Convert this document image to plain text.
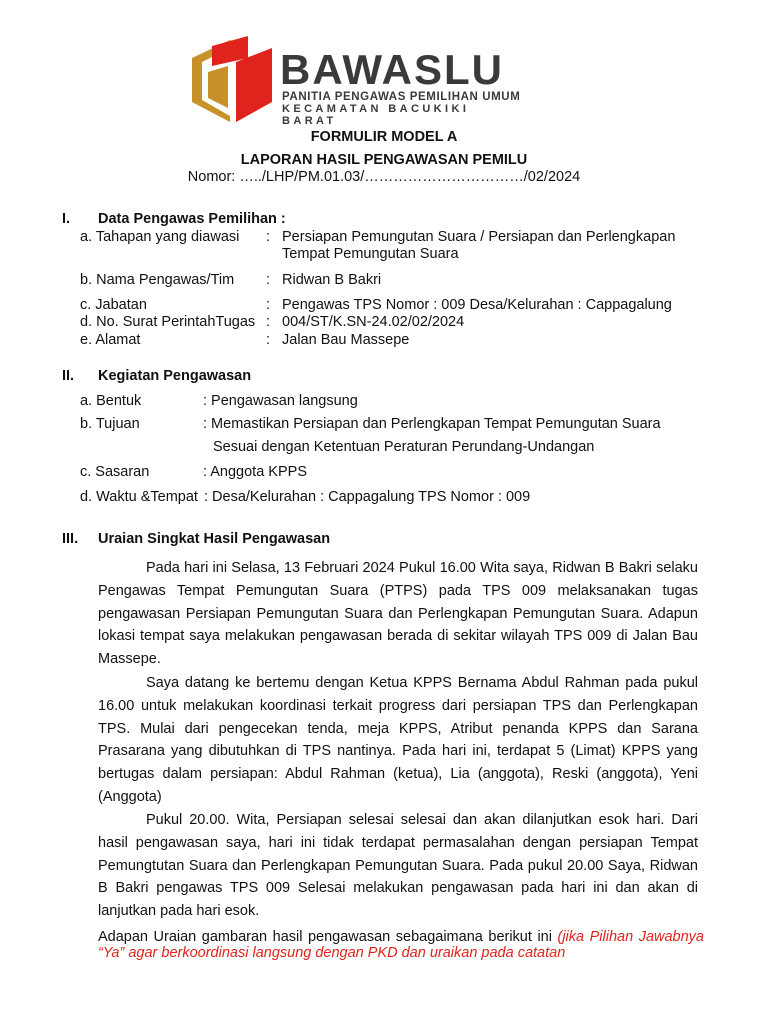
BAWASLU
PANITIA PENGAWAS PEMILIHAN UMUM
KECAMATAN BACUKIKI BARAT
FORMULIR MODEL A
LAPORAN HASIL PENGAWASAN PEMILU
Nomor: …../LHP/PM.01.03/……………………………/02/2024
I. Data Pengawas Pemilihan :
a. Tahapan yang diawasi : Persiapan Pemungutan Suara / Persiapan dan Perlengkapan
Tempat Pemungutan Suara
b. Nama Pengawas/Tim : Ridwan B Bakri
c. Jabatan	: Pengawas TPS Nomor : 009 Desa/Kelurahan : Cappagalung
d. No. Surat PerintahTugas : 004/ST/K.SN-24.02/02/2024
e. Alamat	: Jalan Bau Massepe
II. Kegiatan Pengawasan
a. Bentuk	: Pengawasan langsung
b. Tujuan	: Memastikan Persiapan dan Perlengkapan Tempat Pemungutan Suara
Sesuai dengan Ketentuan Peraturan Perundang-Undangan
c. Sasaran	: Anggota KPPS
d. Waktu &Tempat : Desa/Kelurahan : Cappagalung TPS Nomor : 009
III. Uraian Singkat Hasil Pengawasan
Pada hari ini Selasa, 13 Februari 2024 Pukul 16.00 Wita saya, Ridwan B Bakri selaku Pengawas Tempat Pemungutan Suara (PTPS) pada TPS 009 melaksanakan tugas pengawasan Persiapan Pemungutan Suara dan Perlengkapan Pemungutan Suara. Adapun lokasi tempat saya melakukan pengawasan berada di sekitar wilayah TPS 009 di Jalan Bau Massepe.
Saya datang ke bertemu dengan Ketua KPPS Bernama Abdul Rahman pada pukul 16.00 untuk melakukan koordinasi terkait progress dari persiapan TPS dan Perlengkapan TPS. Mulai dari pengecekan tenda, meja KPPS, Atribut penanda KPPS dan Sarana Prasarana yang dibutuhkan di TPS nantinya. Pada hari ini, terdapat 5 (Limat) KPPS yang bertugas dalam persiapan: Abdul Rahman (ketua), Lia (anggota), Reski (anggota), Yeni (Anggota)
Pukul 20.00. Wita, Persiapan selesai selesai dan akan dilanjutkan esok hari. Dari hasil pengawasan saya, hari ini tidak terdapat permasalahan dengan persiapan Tempat Pemungtutan Suara dan Perlengkapan Pemungutan Suara. Pada pukul 20.00 Saya, Ridwan B Bakri pengawas TPS 009 Selesai melakukan pengawasan pada hari ini dan akan di lanjutkan pada hari esok.
Adapan Uraian gambaran hasil pengawasan sebagaimana berikut ini (jika Pilihan Jawabnya “Ya” agar berkoordinasi langsung dengan PKD dan uraikan pada catatan
